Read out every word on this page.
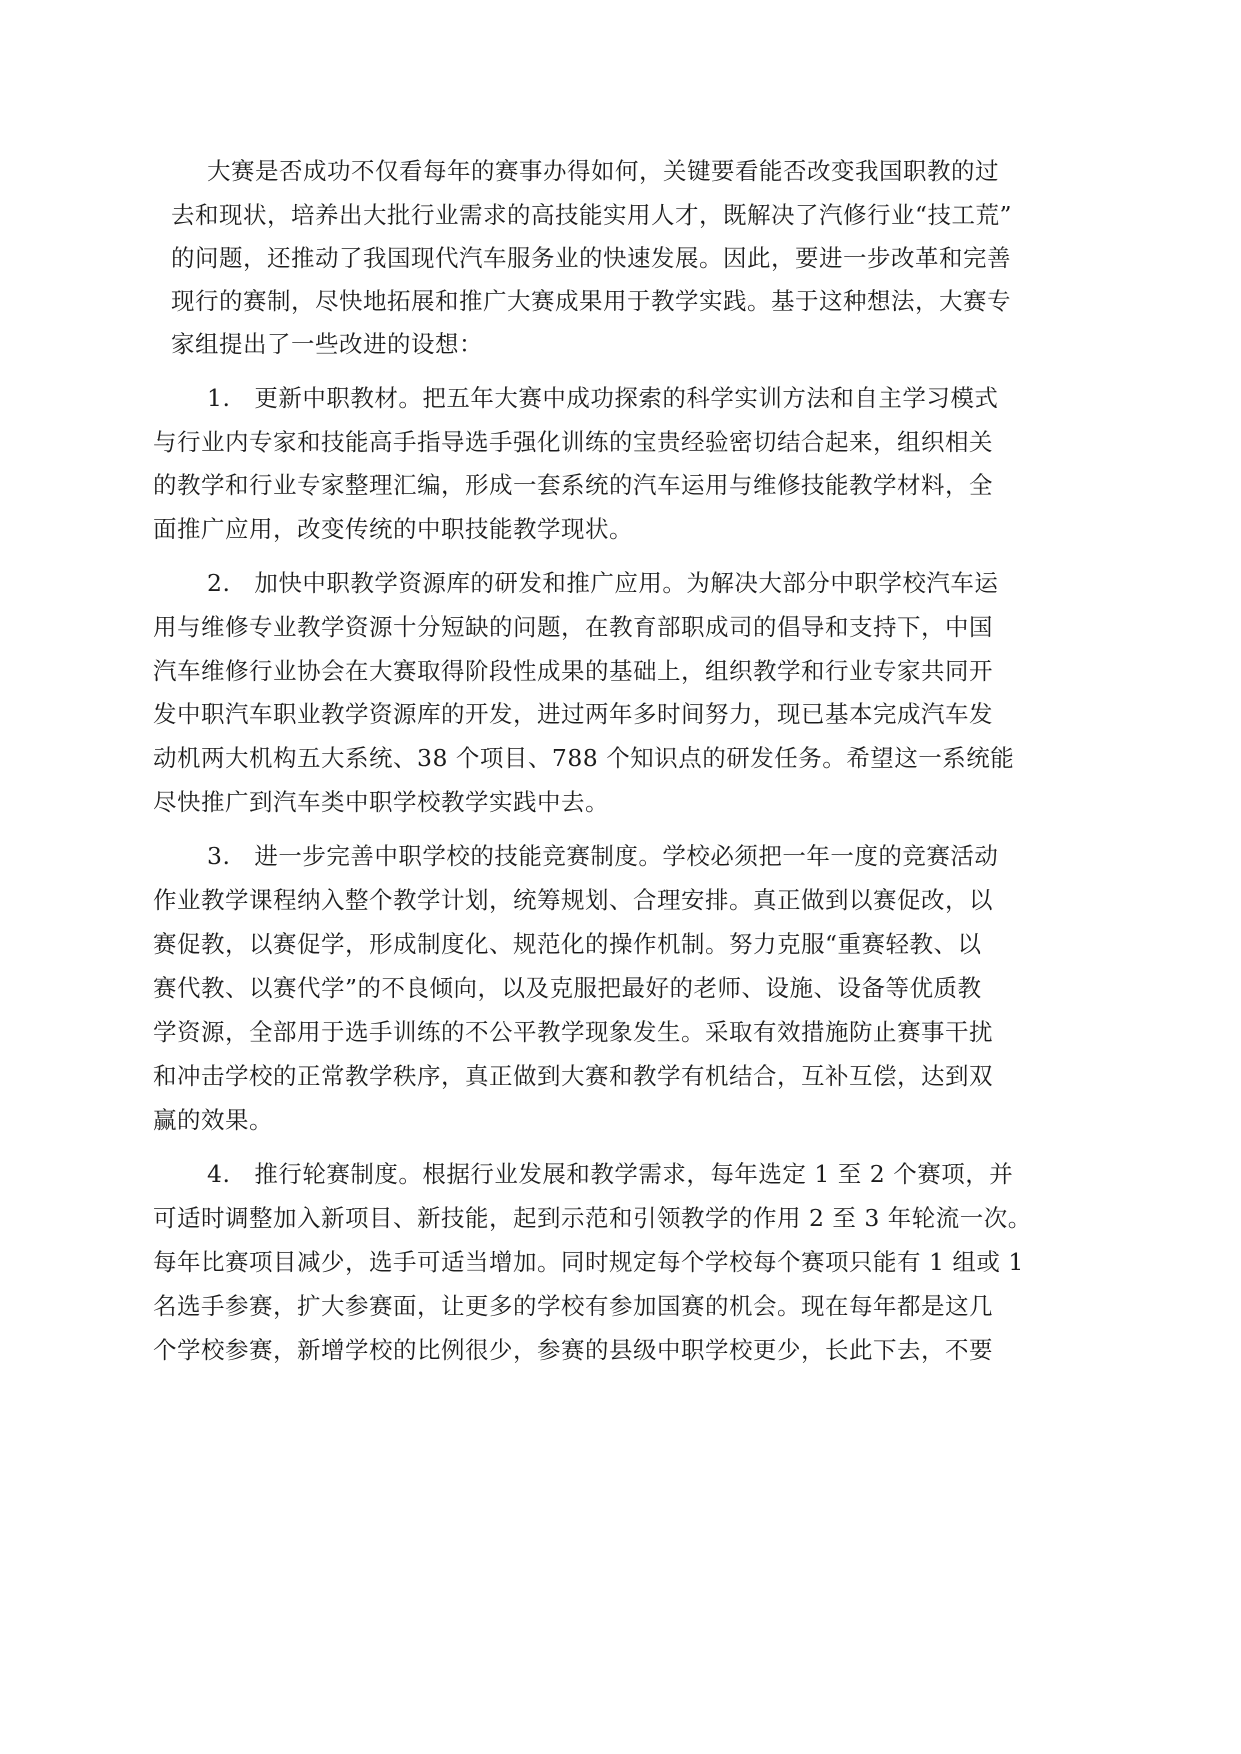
大赛是否成功不仅看每年的赛事办得如何，关键要看能否改变我国职教的过
去和现状，培养出大批行业需求的高技能实用人才，既解决了汽修行业“技工荒”
的问题，还推动了我国现代汽车服务业的快速发展。因此，要进一步改革和完善
现行的赛制，尽快地拓展和推广大赛成果用于教学实践。基于这种想法，大赛专
家组提出了一些改进的设想：
1.　更新中职教材。把五年大赛中成功探索的科学实训方法和自主学习模式
与行业内专家和技能高手指导选手强化训练的宝贵经验密切结合起来，组织相关
的教学和行业专家整理汇编，形成一套系统的汽车运用与维修技能教学材料，全
面推广应用，改变传统的中职技能教学现状。
2.　加快中职教学资源库的研发和推广应用。为解决大部分中职学校汽车运
用与维修专业教学资源十分短缺的问题，在教育部职成司的倡导和支持下，中国
汽车维修行业协会在大赛取得阶段性成果的基础上，组织教学和行业专家共同开
发中职汽车职业教学资源库的开发，进过两年多时间努力，现已基本完成汽车发
动机两大机构五大系统、38 个项目、788 个知识点的研发任务。希望这一系统能
尽快推广到汽车类中职学校教学实践中去。
3.　进一步完善中职学校的技能竞赛制度。学校必须把一年一度的竞赛活动
作业教学课程纳入整个教学计划，统筹规划、合理安排。真正做到以赛促改，以
赛促教，以赛促学，形成制度化、规范化的操作机制。努力克服“重赛轻教、以
赛代教、以赛代学”的不良倾向，以及克服把最好的老师、设施、设备等优质教
学资源，全部用于选手训练的不公平教学现象发生。采取有效措施防止赛事干扰
和冲击学校的正常教学秩序，真正做到大赛和教学有机结合，互补互偿，达到双
赢的效果。
4.　推行轮赛制度。根据行业发展和教学需求，每年选定 1 至 2 个赛项，并
可适时调整加入新项目、新技能，起到示范和引领教学的作用 2 至 3 年轮流一次。
每年比赛项目减少，选手可适当增加。同时规定每个学校每个赛项只能有 1 组或 1
名选手参赛，扩大参赛面，让更多的学校有参加国赛的机会。现在每年都是这几
个学校参赛，新增学校的比例很少，参赛的县级中职学校更少，长此下去，不要
